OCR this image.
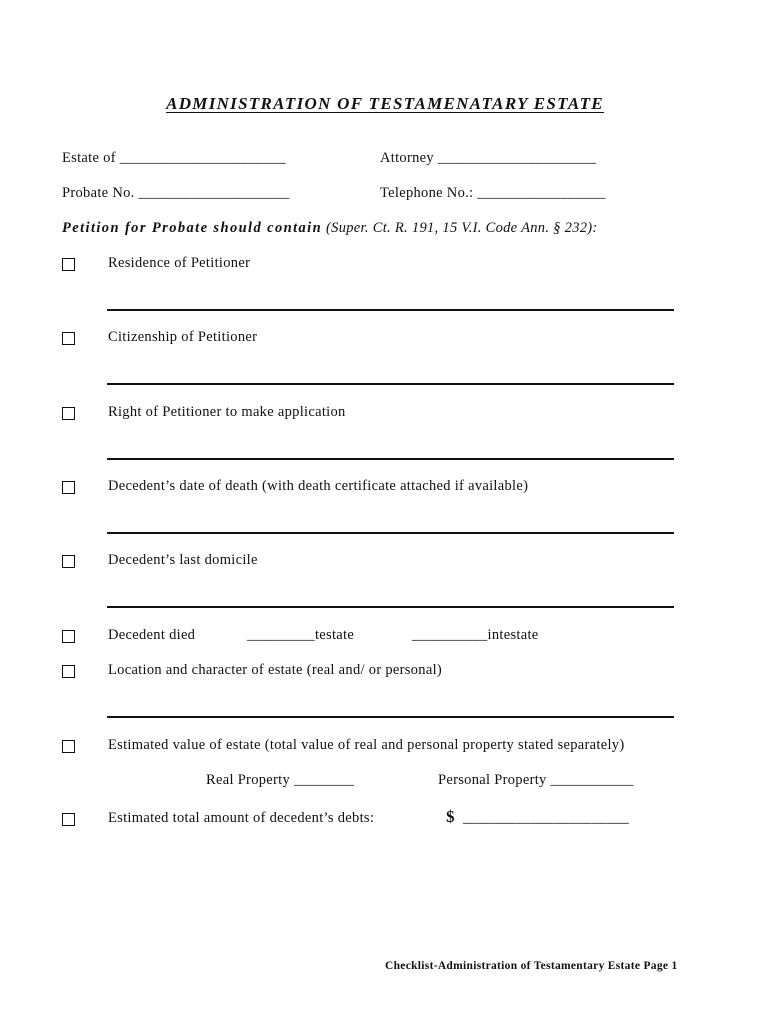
ADMINISTRATION OF TESTAMENATARY ESTATE
Estate of ______________________	Attorney _____________________
Probate No. ____________________	Telephone No.: _________________
Petition for Probate should contain (Super. Ct. R. 191, 15 V.I. Code Ann. § 232):
Residence of Petitioner
Citizenship of Petitioner
Right of Petitioner to make application
Decedent’s date of death (with death certificate attached if available)
Decedent’s last domicile
Decedent died	_________testate	__________intestate
Location and character of estate (real and/ or personal)
Estimated value of estate (total value of real and personal property stated separately)
Real Property ________	Personal Property ___________
Estimated total amount of decedent’s debts:	$ ______________________
Checklist-Administration of Testamentary Estate Page 1
